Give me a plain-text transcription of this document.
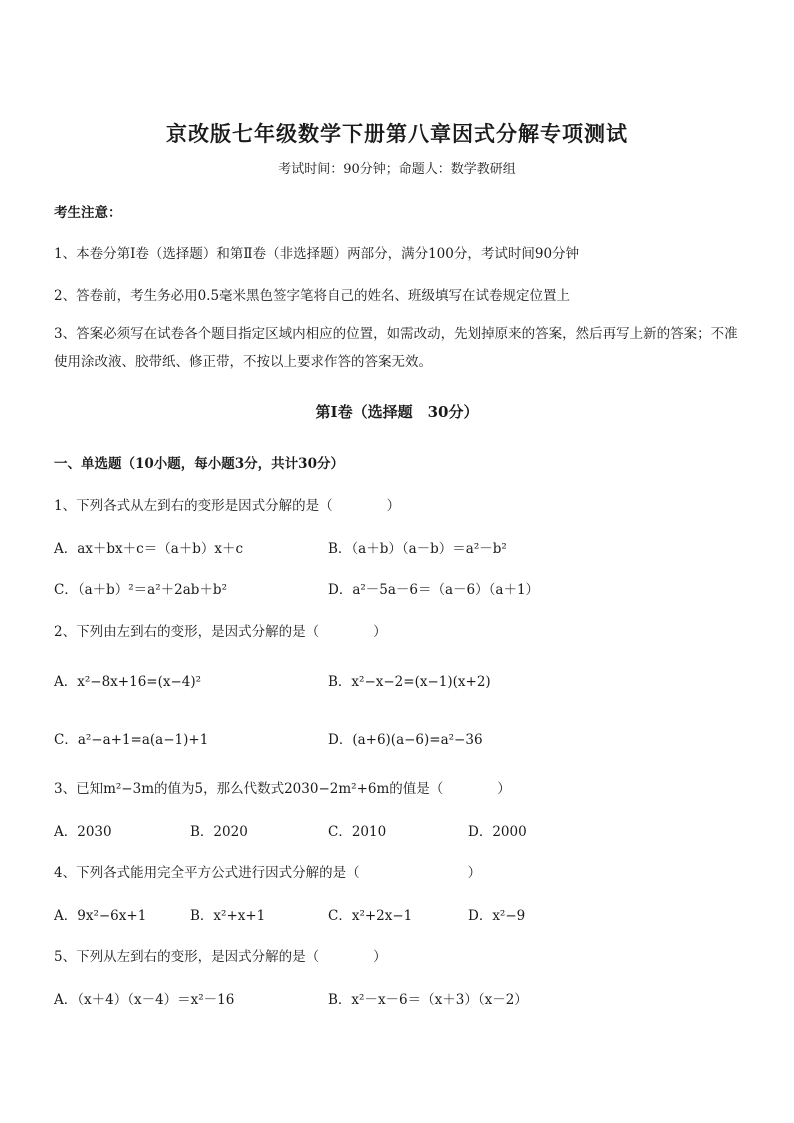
京改版七年级数学下册第八章因式分解专项测试
考试时间：90分钟；命题人：数学教研组
考生注意：
1、本卷分第Ⅰ卷（选择题）和第Ⅱ卷（非选择题）两部分，满分100分，考试时间90分钟
2、答卷前，考生务必用0.5毫米黑色签字笔将自己的姓名、班级填写在试卷规定位置上
3、答案必须写在试卷各个题目指定区域内相应的位置，如需改动，先划掉原来的答案，然后再写上新的答案；不准使用涂改液、胶带纸、修正带，不按以上要求作答的答案无效。
第Ⅰ卷（选择题　30分）
一、单选题（10小题，每小题3分，共计30分）
1、下列各式从左到右的变形是因式分解的是（　　　　）
A．ax＋bx＋c＝（a＋b）x＋c	B．（a＋b）（a－b）＝a²－b²
C．（a＋b）²＝a²＋2ab＋b²	D．a²－5a－6＝（a－6）（a＋1）
2、下列由左到右的变形，是因式分解的是（　　　　）
A．x²−8x+16=(x−4)²	B．x²−x−2=(x−1)(x+2)
C．a²−a+1=a(a−1)+1	D．(a+6)(a−6)=a²−36
3、已知m²−3m的值为5，那么代数式2030−2m²+6m的值是（　　　　）
A．2030	B．2020	C．2010	D．2000
4、下列各式能用完全平方公式进行因式分解的是（　　　　　　　　）
A．9x²−6x+1	B．x²+x+1	C．x²+2x−1	D．x²−9
5、下列从左到右的变形，是因式分解的是（　　　　）
A．（x＋4）（x－4）＝x²－16	B．x²－x－6＝（x＋3）（x－2）
